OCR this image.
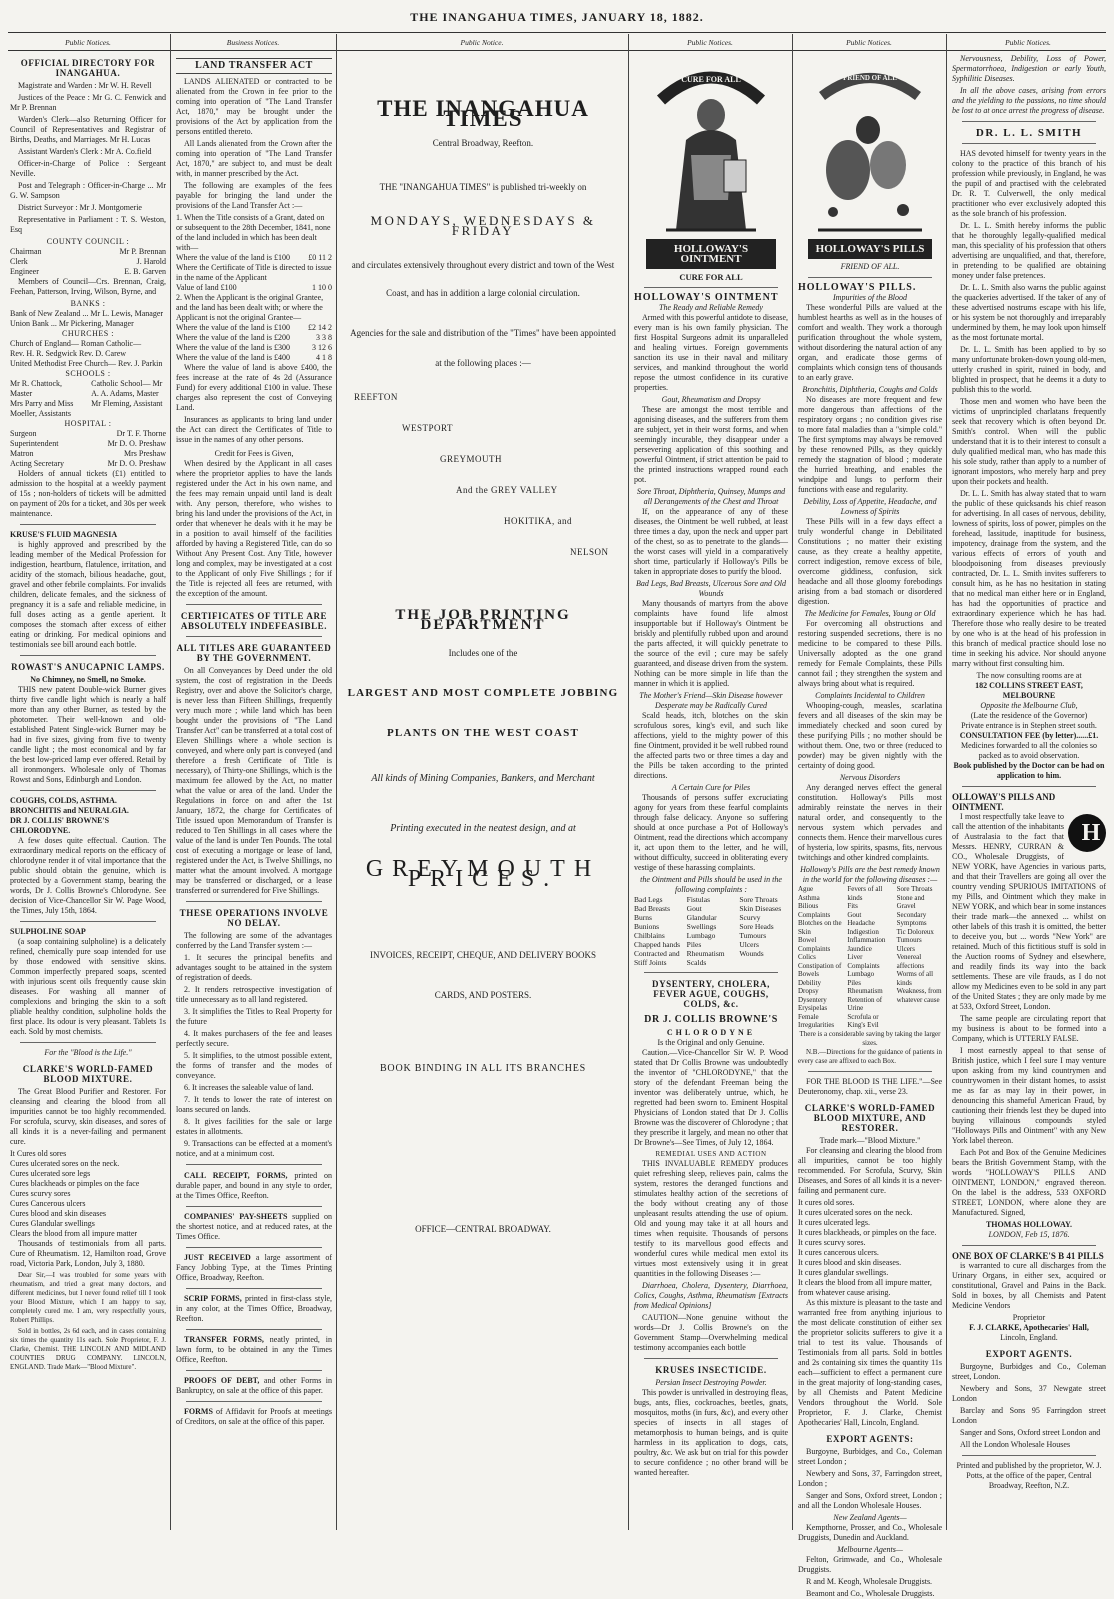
THE INANGAHUA TIMES, JANUARY 18, 1882.
Public Notices.	Business Notices.	Public Notice.	Public Notices.	Public Notices.	Public Notices.
OFFICIAL DIRECTORY FOR INANGAHUA.
Magistrate and Warden : Mr W. H. Revell
Justices of the Peace : Mr G. C. Fenwick and Mr P. Brennan
Warden's Clerk—also Returning Officer for Council of Representatives and Registrar of Births, Deaths, and Marriages. Mr H. Lucas
Assistant Warden's Clerk : Mr A. Co.field
Officer-in-Charge of Police : Sergeant Neville.
Post and Telegraph : Officer-in-Charge ... Mr G. W. Sampson
District Surveyor : Mr J. Montgomerie
Representative in Parliament : T. S. Weston, Esq
COUNTY COUNCIL :
Chairman	Mr P. Brennan
Clerk	J. Harold
Engineer	E. B. Garven
Members of Council—Crs. Brennan, Craig, Feehan, Patterson, Irving, Wilson, Byrne, and
BANKS :
Bank of New Zealand ... Mr L. Lewis, Manager
Union Bank ... Mr Pickering, Manager
CHURCHES :
Church of England— Roman Catholic—
Rev. H. R. Sedgwick Rev. D. Carew
United Methodist Free Church— Rev. J. Parkin
SCHOOLS :
Mr R. Chattock, Master
Catholic School— Mr A. A. Adams, Master
Mrs Parry and Miss Moeller, Assistants
Mr Fleming, Assistant
HOSPITAL :
Surgeon	Dr T. F. Thorne
Superintendent	Mr D. O. Preshaw
Matron	Mrs Preshaw
Acting Secretary	Mr D. O. Preshaw
Holders of annual tickets (£1) entitled to admission to the hospital at a weekly payment of 15s ; non-holders of tickets will be admitted on payment of 20s for a ticket, and 30s per week maintenance.
KRUSE'S FLUID MAGNESIA
is highly approved and prescribed by the leading member of the Medical Profession for indigestion, heartburn, flatulence, irritation, and acidity of the stomach, bilious headache, gout, gravel and other febrile complaints. For invalids children, delicate females, and the sickness of pregnancy it is a safe and reliable medicine, in full doses acting as a gentle aperient. It composes the stomach after excess of either eating or drinking. For medical opinions and testimonials see bill around each bottle.
ROWAST'S ANUCAPNIC LAMPS.
No Chimney, no Smell, no Smoke.
THIS new patent Double-wick Burner gives thirty five candle light which is nearly a half more than any other Burner, as tested by the photometer. Their well-known and old-established Patent Single-wick Burner may be had in five sizes, giving from five to twenty candle light ; the most economical and by far the best low-priced lamp ever offered. Retail by all ironmongers. Wholesale only of Thomas Rowst and Sons, Edinburgh and London.
COUGHS, COLDS, ASTHMA. BRONCHITIS and NEURALGIA.
DR J. COLLIS' BROWNE'S CHLORODYNE.
A few doses quite effectual. Caution. The extraordinary medical reports on the efficacy of chlorodyne render it of vital importance that the public should obtain the genuine, which is protected by a Government stamp, bearing the words, Dr J. Collis Browne's Chlorodyne. See decision of Vice-Chancellor Sir W. Page Wood, the Times, July 15th, 1864.
SULPHOLINE SOAP
(a soap containing sulpholine) is a delicately refined, chemically pure soap intended for use by those endowed with sensitive skins. Common imperfectly prepared soaps, scented with injurious scent oils frequently cause skin diseases. For washing all manner of complexions and bringing the skin to a soft pliable healthy condition, sulpholine holds the first place. Its odour is very pleasant. Tablets 1s each. Sold by most chemists.
For the "Blood is the Life."
CLARKE'S WORLD-FAMED BLOOD MIXTURE.
The Great Blood Purifier and Restorer. For cleansing and clearing the blood from all impurities cannot be too highly recommended. For scrofula, scurvy, skin diseases, and sores of all kinds it is a never-failing and permanent cure.
It Cures old sores
Cures ulcerated sores on the neck.
Cures ulcerated sore legs
Cures blackheads or pimples on the face
Cures scurvy sores
Cures Cancerous ulcers
Cures blood and skin diseases
Cures Glandular swellings
Clears the blood from all impure matter
Thousands of testimonials from all parts. Cure of Rheumatism. 12, Hamilton road, Grove road, Victoria Park, London, July 3, 1880.
Dear Sir,—I was troubled for some years with rheumatism, and tried a great many doctors, and different medicines, but I never found relief till I took your Blood Mixture, which I am happy to say, completely cured me. I am, very respectfully yours, Robert Phillips.
Sold in bottles, 2s 6d each, and in cases containing six times the quantity 11s each. Sole Proprietor, F. J. Clarke, Chemist. THE LINCOLN AND MIDLAND COUNTIES DRUG COMPANY. LINCOLN, ENGLAND. Trade Mark—"Blood Mixture".
LAND TRANSFER ACT
LANDS ALIENATED or contracted to be alienated from the Crown in fee prior to the coming into operation of "The Land Transfer Act, 1870," may be brought under the provisions of the Act by application from the persons entitled thereto.
All Lands alienated from the Crown after the coming into operation of "The Land Transfer Act, 1870," are subject to, and must be dealt with, in manner prescribed by the Act.
The following are examples of the fees payable for bringing the land under the provisions of the Land Transfer Act :—
1. When the Title consists of a Grant, dated on or subsequent to the 28th December, 1841, none of the land included in which has been dealt with—
Where the value of the land is £100 £0 11 2
Where the Certificate of Title is directed to issue in the name of the Applicant
Value of land £100	1 10 0
2. When the Applicant is the original Grantee, and the land has been dealt with; or where the Applicant is not the original Grantee—
Where the value of the land is £100 £2 14 2
Where the value of the land is £200	3 3 8
Where the value of the land is £300	3 12 6
Where the value of the land is £400	4 1 8
Where the value of land is above £400, the fees increase at the rate of 4s 2d (Assurance Fund) for every additional £100 in value. These charges also represent the cost of Conveying Land.
Insurances as applicants to bring land under the Act can direct the Certificates of Title to issue in the names of any other persons.
Credit for Fees is Given,
When desired by the Applicant in all cases where the proprietor applies to have the lands registered under the Act in his own name, and the fees may remain unpaid until land is dealt with. Any person, therefore, who wishes to bring his land under the provisions of the Act, in order that whenever he deals with it he may be in a position to avail himself of the facilities afforded by having a Registered Title, can do so Without Any Present Cost. Any Title, however long and complex, may be investigated at a cost to the Applicant of only Five Shillings ; for if the Title is rejected all fees are returned, with the exception of the amount.
CERTIFICATES OF TITLE ARE ABSOLUTELY INDEFEASIBLE.
ALL TITLES ARE GUARANTEED BY THE GOVERNMENT.
On all Conveyances by Deed under the old system, the cost of registration in the Deeds Registry, over and above the Solicitor's charge, is never less than Fifteen Shillings, frequently very much more ; while land which has been bought under the provisions of "The Land Transfer Act" can be transferred at a total cost of Eleven Shillings where a whole section is conveyed, and where only part is conveyed (and therefore a fresh Certificate of Title is necessary), of Thirty-one Shillings, which is the maximum fee allowed by the Act, no matter what the value or area of the land. Under the Regulations in force on and after the 1st January, 1872, the charge for Certificates of Title issued upon Memorandum of Transfer is reduced to Ten Shillings in all cases where the value of the land is under Ten Pounds. The total cost of executing a mortgage or lease of land, registered under the Act, is Twelve Shillings, no matter what the amount involved. A mortgage may be transferred or discharged, or a lease transferred or surrendered for Five Shillings.
THESE OPERATIONS INVOLVE NO DELAY.
The following are some of the advantages conferred by the Land Transfer system :—
1. It secures the principal benefits and advantages sought to be attained in the system of registration of deeds.
2. It renders retrospective investigation of title unnecessary as to all land registered.
3. It simplifies the Titles to Real Property for the future
4. It makes purchasers of the fee and leases perfectly secure.
5. It simplifies, to the utmost possible extent, the forms of transfer and the modes of conveyance.
6. It increases the saleable value of land.
7. It tends to lower the rate of interest on loans secured on lands.
8. It gives facilities for the sale or large estates in allotments.
9. Transactions can be effected at a moment's notice, and at a minimum cost.
CALL RECEIPT, FORMS, printed on durable paper, and bound in any style to order, at the Times Office, Reefton.
COMPANIES' PAY-SHEETS supplied on the shortest notice, and at reduced rates, at the Times Office.
JUST RECEIVED a large assortment of Fancy Jobbing Type, at the Times Printing Office, Broadway, Reefton.
SCRIP FORMS, printed in first-class style, in any color, at the Times Office, Broadway, Reefton.
TRANSFER FORMS, neatly printed, in lawn form, to be obtained in any the Times Office, Reefton.
PROOFS OF DEBT, and other Forms in Bankruptcy, on sale at the office of this paper.
FORMS of Affidavit for Proofs at meetings of Creditors, on sale at the office of this paper.
THE INANGAHUA TIMES
Central Broadway, Reefton.
THE "INANGAHUA TIMES" is published tri-weekly on
MONDAYS, WEDNESDAYS & FRIDAY
and circulates extensively throughout every district and town of the West
Coast, and has in addition a large colonial circulation.
Agencies for the sale and distribution of the "Times" have been appointed
at the following places :—
REEFTON
WESTPORT
GREYMOUTH
And the GREY VALLEY
HOKITIKA, and
NELSON
THE JOB PRINTING DEPARTMENT
Includes one of the
LARGEST AND MOST COMPLETE JOBBING
PLANTS ON THE WEST COAST
All kinds of Mining Companies, Bankers, and Merchant
Printing executed in the neatest design, and at
GREYMOUTH PRICES.
INVOICES, RECEIPT, CHEQUE, AND DELIVERY BOOKS
CARDS, AND POSTERS.
BOOK BINDING IN ALL ITS BRANCHES
OFFICE—CENTRAL BROADWAY.
CURE FOR ALL
HOLLOWAY'S OINTMENT
CURE FOR ALL
HOLLOWAY'S OINTMENT
The Ready and Reliable Remedy
Armed with this powerful antidote to disease, every man is his own family physician. The first Hospital Surgeons admit its unparalleled and healing virtues. Foreign governments sanction its use in their naval and military services, and mankind throughout the world repose the utmost confidence in its curative properties.
Gout, Rheumatism and Dropsy
These are amongst the most terrible and agonising diseases, and the sufferers from them are subject, yet in their worst forms, and when seemingly incurable, they disappear under a persevering application of this soothing and powerful Ointment, if strict attention be paid to the printed instructions wrapped round each pot.
Sore Throat, Diphtheria, Quinsey, Mumps and all Derangements of the Chest and Throat
If, on the appearance of any of these diseases, the Ointment be well rubbed, at least three times a day, upon the neck and upper part of the chest, so as to penetrate to the glands—the worst cases will yield in a comparatively short time, particularly if Holloway's Pills be taken in appropriate doses to purify the blood.
Bad Legs, Bad Breasts, Ulcerous Sore and Old Wounds
Many thousands of martyrs from the above complaints have found life almost insupportable but if Holloway's Ointment be briskly and plentifully rubbed upon and around the parts affected, it will quickly penetrate to the source of the evil ; cure may be safely guaranteed, and disease driven from the system. Nothing can be more simple in life than the manner in which it is applied.
The Mother's Friend—Skin Disease however Desperate may be Radically Cured
Scald heads, itch, blotches on the skin scrofulous sores, king's evil, and such like affections, yield to the mighty power of this fine Ointment, provided it be well rubbed round the affected parts two or three times a day and the Pills be taken according to the printed directions.
A Certain Cure for Piles
Thousands of persons suffer excruciating agony for years from these fearful complaints through false delicacy. Anyone so suffering should at once purchase a Pot of Holloway's Ointment, read the directions which accompany it, act upon them to the letter, and he will, without difficulty, succeed in obliterating every vestige of these harassing complaints.
the Ointment and Pills should be used in the following complaints :
Bad Legs
Bad Breasts
Burns
Bunions
Chilblains
Chapped hands
Contracted and
Stiff Joints
Fistulas
Gout
Glandular
Swellings
Lumbago
Piles
Rheumatism
Scalds
Sore Throats
Skin Diseases
Scurvy
Sore Heads
Tumours
Ulcers
Wounds
DYSENTERY, CHOLERA, FEVER AGUE, COUGHS, COLDS, &c.
DR J. COLLIS BROWNE'S
CHLORODYNE
Is the Original and only Genuine.
Caution.—Vice-Chancellor Sir W. P. Wood stated that Dr Collis Browne was undoubtedly the inventor of "CHLORODYNE," that the story of the defendant Freeman being the inventor was deliberately untrue, which, he regretted had been sworn to. Eminent Hospital Physicians of London stated that Dr J. Collis Browne was the discoverer of Chlorodyne ; that they prescribe it largely, and mean no other that Dr Browne's—See Times, of July 12, 1864.
REMEDIAL USES AND ACTION
THIS INVALUABLE REMEDY produces quiet refreshing sleep, relieves pain, calms the system, restores the deranged functions and stimulates healthy action of the secretions of the body without creating any of those unpleasant results attending the use of opium. Old and young may take it at all hours and times when requisite. Thousands of persons testify to its marvellous good effects and wonderful cures while medical men extol its virtues most extensively using it in great quantities in the following Diseases :—
Diarrhoea, Cholera, Dysentery, Diarrhoea, Colics, Coughs, Asthma, Rheumatism [Extracts from Medical Opinions]
CAUTION—None genuine without the words—Dr J. Collis Browne's on the Government Stamp—Overwhelming medical testimony accompanies each bottle
KRUSES INSECTICIDE.
Persian Insect Destroying Powder.
This powder is unrivalled in destroying fleas, bugs, ants, flies, cockroaches, beetles, gnats, mosquitos, moths (in furs, &c), and every other species of insects in all stages of metamorphosis to human beings, and is quite harmless in its application to dogs, cats, poultry, &c. We ask but on trial for this powder to secure confidence ; no other brand will be wanted hereafter.
FRIEND OF ALL
HOLLOWAY'S PILLS
FRIEND OF ALL.
HOLLOWAY'S PILLS.
Impurities of the Blood
These wonderful Pills are valued at the humblest hearths as well as in the houses of comfort and wealth. They work a thorough purification throughout the whole system, without disordering the natural action of any organ, and eradicate those germs of complaints which consign tens of thousands to an early grave.
Bronchitis, Diphtheria, Coughs and Colds
No diseases are more frequent and few more dangerous than affections of the respiratory organs ; no condition gives rise to more fatal maladies than a "simple cold." The first symptoms may always be removed by these renowned Pills, as they quickly remedy the stagnation of blood ; moderate the hurried breathing, and enables the windpipe and lungs to perform their functions with ease and regularity.
Debility, Loss of Appetite, Headache, and Lowness of Spirits
These Pills will in a few days effect a truly wonderful change in Debilitated Constitutions ; no matter their existing cause, as they create a healthy appetite, correct indigestion, remove excess of bile, overcome giddiness, confusion, sick headache and all those gloomy forebodings arising from a bad stomach or disordered digestion.
The Medicine for Females, Young or Old
For overcoming all obstructions and restoring suspended secretions, there is no medicine to be compared to these Pills. Universally adopted as the one grand remedy for Female Complaints, these Pills cannot fail ; they strengthen the system and always bring about what is required.
Complaints Incidental to Children
Whooping-cough, measles, scarlatina fevers and all diseases of the skin may be immediately checked and soon cured by these purifying Pills ; no mother should be without them. One, two or three (reduced to powder) may be given nightly with the certainty of doing good.
Nervous Disorders
Any deranged nerves effect the general constitution. Holloway's Pills most admirably reinstate the nerves in their natural order, and consequently to the nervous system which pervades and connects them. Hence their marvellous cures of hysteria, low spirits, spasms, fits, nervous twitchings and other kindred complaints.
Holloway's Pills are the best remedy known in the world for the following diseases :—
Ague
Asthma
Bilious Complaints
Blotches on the Skin
Bowel Complaints
Colics
Constipation of Bowels
Debility
Dropsy
Dysentery
Erysipelas
Female Irregularities
Fevers of all kinds
Fits
Gout
Headache
Indigestion
Inflammation
Jaundice
Liver Complaints
Lumbago
Piles
Rheumatism
Retention of Urine
Scrofula or King's Evil
Sore Throats
Stone and Gravel
Secondary Symptoms
Tic Doloreux
Tumours
Ulcers
Venereal affections
Worms of all kinds
Weakness, from whatever cause
There is a considerable saving by taking the larger sizes.
N.B.—Directions for the guidance of patients in every case are affixed to each Box.
FOR THE BLOOD IS THE LIFE."—See Deuteronomy, chap. xii., verse 23.
CLARKE'S WORLD-FAMED BLOOD MIXTURE, AND RESTORER.
Trade mark—"Blood Mixture."
For cleansing and clearing the blood from all impurities, cannot be too highly recommended. For Scrofula, Scurvy, Skin Diseases, and Sores of all kinds it is a never-failing and permanent cure.
It cures old sores.
It cures ulcerated sores on the neck.
It cures ulcerated legs.
It cures blackheads, or pimples on the face.
It cures scurvy sores.
It cures cancerous ulcers.
It cures blood and skin diseases.
It cures glandular swellings.
It clears the blood from all impure matter, from whatever cause arising.
As this mixture is pleasant to the taste and warranted free from anything injurious to the most delicate constitution of either sex the proprietor solicits sufferers to give it a trial to test its value. Thousands of Testimonials from all parts. Sold in bottles and 2s containing six times the quantity 11s each—sufficient to effect a permanent cure in the great majority of long-standing cases, by all Chemists and Patent Medicine Vendors throughout the World. Sole Proprietor, F. J. Clarke, Chemist Apothecaries' Hall, Lincoln, England.
EXPORT AGENTS:
Burgoyne, Burbidges, and Co., Coleman street London ;
Newbery and Sons, 37, Farringdon street, London ;
Sanger and Sons, Oxford street, London ; and all the London Wholesale Houses.
New Zealand Agents—
Kempthorne, Prosser, and Co., Wholesale Druggists, Dunedin and Auckland.
Melbourne Agents—
Felton, Grimwade, and Co., Wholesale Druggists.
R and M. Keogh, Wholesale Druggists.
Beamont and Co., Wholesale Druggists.
Nervousness, Debility, Loss of Power, Spermatorrhoea, Indigestion or early Youth, Syphilitic Diseases.
In all the above cases, arising from errors and the yielding to the passions, no time should be lost to at once arrest the progress of disease.
DR. L. L. SMITH
HAS devoted himself for twenty years in the colony to the practice of this branch of his profession while previously, in England, he was the pupil of and practised with the celebrated Dr. R. T. Culverwell, the only medical practitioner who ever exclusively adopted this as the sole branch of his profession.
Dr. L. L. Smith hereby informs the public that he thoroughly legally-qualified medical man, this speciality of his profession that others advertising are unqualified, and that, therefore, in pretending to be qualified are obtaining money under false pretences.
Dr. L. L. Smith also warns the public against the quackeries advertised. If the taker of any of these advertised nostrums escape with his life, or his system be not thoroughly and irreparably undermined by them, he may look upon himself as the most fortunate mortal.
Dr. L. L. Smith has been applied to by so many unfortunate broken-down young old-men, utterly crushed in spirit, ruined in body, and blighted in prospect, that he deems it a duty to publish this to the world.
Those men and women who have been the victims of unprincipled charlatans frequently seek that recovery which is often beyond Dr. Smith's control. When will the public understand that it is to their interest to consult a duly qualified medical man, who has made this his sole study, rather than apply to a number of ignorant impostors, who merely harp and prey upon their pockets and health.
Dr. L. L. Smith has alway stated that to warn the public of these quicksands his chief reason for advertising. In all cases of nervous, debility, lowness of spirits, loss of power, pimples on the forehead, lassitude, inaptitude for business, impotency, drainage from the system, and the various effects of errors of youth and bloodpoisoning from diseases previously contracted, Dr. L. L. Smith invites sufferers to consult him, as he has no hesitation in stating that no medical man either here or in England, has had the opportunities of practice and extraordinary experience which he has had. Therefore those who really desire to be treated by one who is at the head of his profession in this branch of medical practice should lose no time in seeking his advice. Nor should anyone marry without first consulting him.
The now consulting rooms are at
182 COLLINS STREET EAST, MELBOURNE
Opposite the Melbourne Club,
(Late the residence of the Governor)
Private entrance is in Stephen street south.
CONSULTATION FEE (by letter)......£1.
Medicines forwarded to all the colonies so packed as to avoid observation.
Book published by the Doctor can be had on application to him.
OLLOWAY'S PILLS AND OINTMENT.
H
I most respectfully take leave to call the attention of the inhabitants of Australasia to the fact that Messrs. HENRY, CURRAN & CO., Wholesale Druggists, of NEW YORK, have Agencies in various parts, and that their Travellers are going all over the country vending SPURIOUS IMITATIONS of my Pills, and Ointment which they make in NEW YORK, and which bear in some instances their trade mark—the annexed ... whilst on other labels of this trash it is omitted, the better to deceive you, but ... words "New York" are retained. Much of this fictitious stuff is sold in the Auction rooms of Sydney and elsewhere, and readily finds its way into the back settlements. These are vile frauds, as I do not allow my Medicines even to be sold in any part of the United States ; they are only made by me at 533, Oxford Street, London.
The same people are circulating report that my business is about to be formed into a Company, which is UTTERLY FALSE.
I most earnestly appeal to that sense of British justice, which I feel sure I may venture upon asking from my kind countrymen and countrywomen in their distant homes, to assist me as far as may lay in their power, in denouncing this shameful American Fraud, by cautioning their friends lest they be duped into buying villainous compounds styled "Holloways Pills and Ointment" with any New York label thereon.
Each Pot and Box of the Genuine Medicines bears the British Government Stamp, with the words "HOLLOWAY'S PILLS AND OINTMENT, LONDON," engraved thereon. On the label is the address, 533 OXFORD STREET, LONDON, where alone they are Manufactured. Signed,
THOMAS HOLLOWAY.
LONDON, Feb 15, 1876.
ONE BOX OF CLARKE'S B 41 PILLS
is warranted to cure all discharges from the Urinary Organs, in either sex, acquired or constitutional, Gravel and Pains in the Back. Sold in boxes, by all Chemists and Patent Medicine Vendors
Proprietor
F. J. CLARKE, Apothecaries' Hall,
Lincoln, England.
EXPORT AGENTS.
Burgoyne, Burbidges and Co., Coleman street, London.
Newbery and Sons, 37 Newgate street London
Barclay and Sons 95 Farringdon street London
Sanger and Sons, Oxford street London and
All the London Wholesale Houses
Printed and published by the proprietor, W. J. Potts, at the office of the paper, Central Broadway, Reefton, N.Z.
